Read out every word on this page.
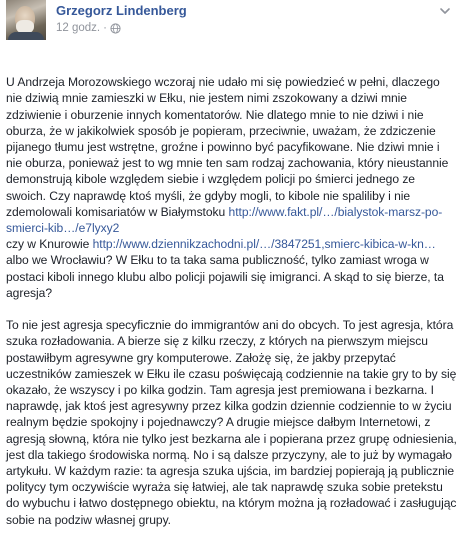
Grzegorz Lindenberg
12 godz. ·

U Andrzeja Morozowskiego wczoraj nie udało mi się powiedzieć w pełni, dlaczego nie dziwią mnie zamieszki w Ełku, nie jestem nimi zszokowany a dziwi mnie zdziwienie i oburzenie innych komentatorów. Nie dlatego mnie to nie dziwi i nie oburza, że w jakikolwiek sposób je popieram, przeciwnie, uważam, że zdziczenie pijanego tłumu jest wstrętne, groźne i powinno być pacyfikowane. Nie dziwi mnie i nie oburza, ponieważ jest to wg mnie ten sam rodzaj zachowania, który nieustannie demonstrują kibole względem siebie i względem policji po śmierci jednego ze swoich. Czy naprawdę ktoś myśli, że gdyby mogli, to kibole nie spaliliby i nie zdemolowali komisariatów w Białymstoku http://www.fakt.pl/…/bialystok-marsz-po-smierci-kib…/e7lyxy2
czy w Knurowie http://www.dziennikzachodni.pl/…/3847251,smierc-kibica-w-kn… albo we Wrocławiu? W Ełku to ta taka sama publiczność, tylko zamiast wroga w postaci kiboli innego klubu albo policji pojawili się imigranci. A skąd to się bierze, ta agresja?

To nie jest agresja specyficznie do immigrantów ani do obcych. To jest agresja, która szuka rozładowania. A bierze się z kilku rzeczy, z których na pierwszym miejscu postawiłbym agresywne gry komputerowe. Założę się, że jakby przepytać uczestników zamieszek w Ełku ile czasu poświęcają codziennie na takie gry to by się okazało, że wszyscy i po kilka godzin. Tam agresja jest premiowana i bezkarna. I naprawdę, jak ktoś jest agresywny przez kilka godzin dziennie codziennie to w życiu realnym będzie spokojny i pojednawczy? A drugie miejsce dałbym Internetowi, z agresją słowną, która nie tylko jest bezkarna ale i popierana przez grupę odniesienia, jest dla takiego środowiska normą. No i są dalsze przyczyny, ale to już by wymagało artykułu. W każdym razie: ta agresja szuka ujścia, im bardziej popierają ją publicznie politycy tym oczywiście wyraża się łatwiej, ale tak naprawdę szuka sobie pretekstu do wybuchu i łatwo dostępnego obiektu, na którym można ją rozładować i zasługując sobie na podziw własnej grupy.
